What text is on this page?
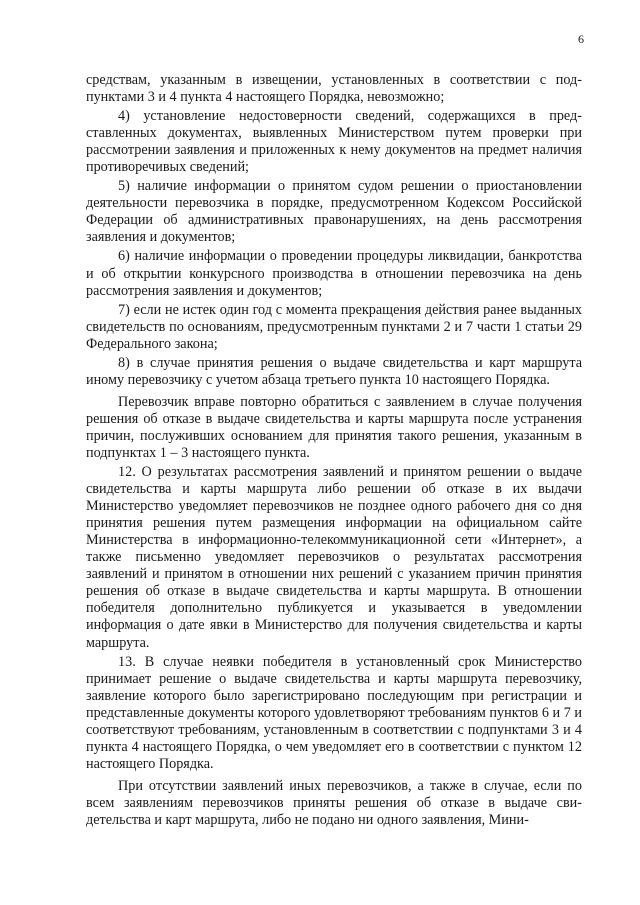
6

средствам, указанным в извещении, установленных в соответствии с подпунктами 3 и 4 пункта 4 настоящего Порядка, невозможно;

4) установление недостоверности сведений, содержащихся в представленных документах, выявленных Министерством путем проверки при рассмотрении заявления и приложенных к нему документов на предмет наличия противоречивых сведений;

5) наличие информации о принятом судом решении о приостановлении деятельности перевозчика в порядке, предусмотренном Кодексом Российской Федерации об административных правонарушениях, на день рассмотрения заявления и документов;

6) наличие информации о проведении процедуры ликвидации, банкротства и об открытии конкурсного производства в отношении перевозчика на день рассмотрения заявления и документов;

7) если не истек один год с момента прекращения действия ранее выданных свидетельств по основаниям, предусмотренным пунктами 2 и 7 части 1 статьи 29 Федерального закона;

8) в случае принятия решения о выдаче свидетельства и карт маршрута иному перевозчику с учетом абзаца третьего пункта 10 настоящего Порядка.

Перевозчик вправе повторно обратиться с заявлением в случае получения решения об отказе в выдаче свидетельства и карты маршрута после устранения причин, послуживших основанием для принятия такого решения, указанным в подпунктах 1 – 3 настоящего пункта.

12. О результатах рассмотрения заявлений и принятом решении о выдаче свидетельства и карты маршрута либо решении об отказе в их выдачи Министерство уведомляет перевозчиков не позднее одного рабочего дня со дня принятия решения путем размещения информации на официальном сайте Министерства в информационно-телекоммуникационной сети «Интернет», а также письменно уведомляет перевозчиков о результатах рассмотрения заявлений и принятом в отношении них решений с указанием причин принятия решения об отказе в выдаче свидетельства и карты маршрута. В отношении победителя дополнительно публикуется и указывается в уведомлении информация о дате явки в Министерство для получения свидетельства и карты маршрута.

13. В случае неявки победителя в установленный срок Министерство принимает решение о выдаче свидетельства и карты маршрута перевозчику, заявление которого было зарегистрировано последующим при регистрации и представленные документы которого удовлетворяют требованиям пунктов 6 и 7 и соответствуют требованиям, установленным в соответствии с подпунктами 3 и 4 пункта 4 настоящего Порядка, о чем уведомляет его в соответствии с пунктом 12 настоящего Порядка.

При отсутствии заявлений иных перевозчиков, а также в случае, если по всем заявлениям перевозчиков приняты решения об отказе в выдаче свидетельства и карт маршрута, либо не подано ни одного заявления, Мини-
